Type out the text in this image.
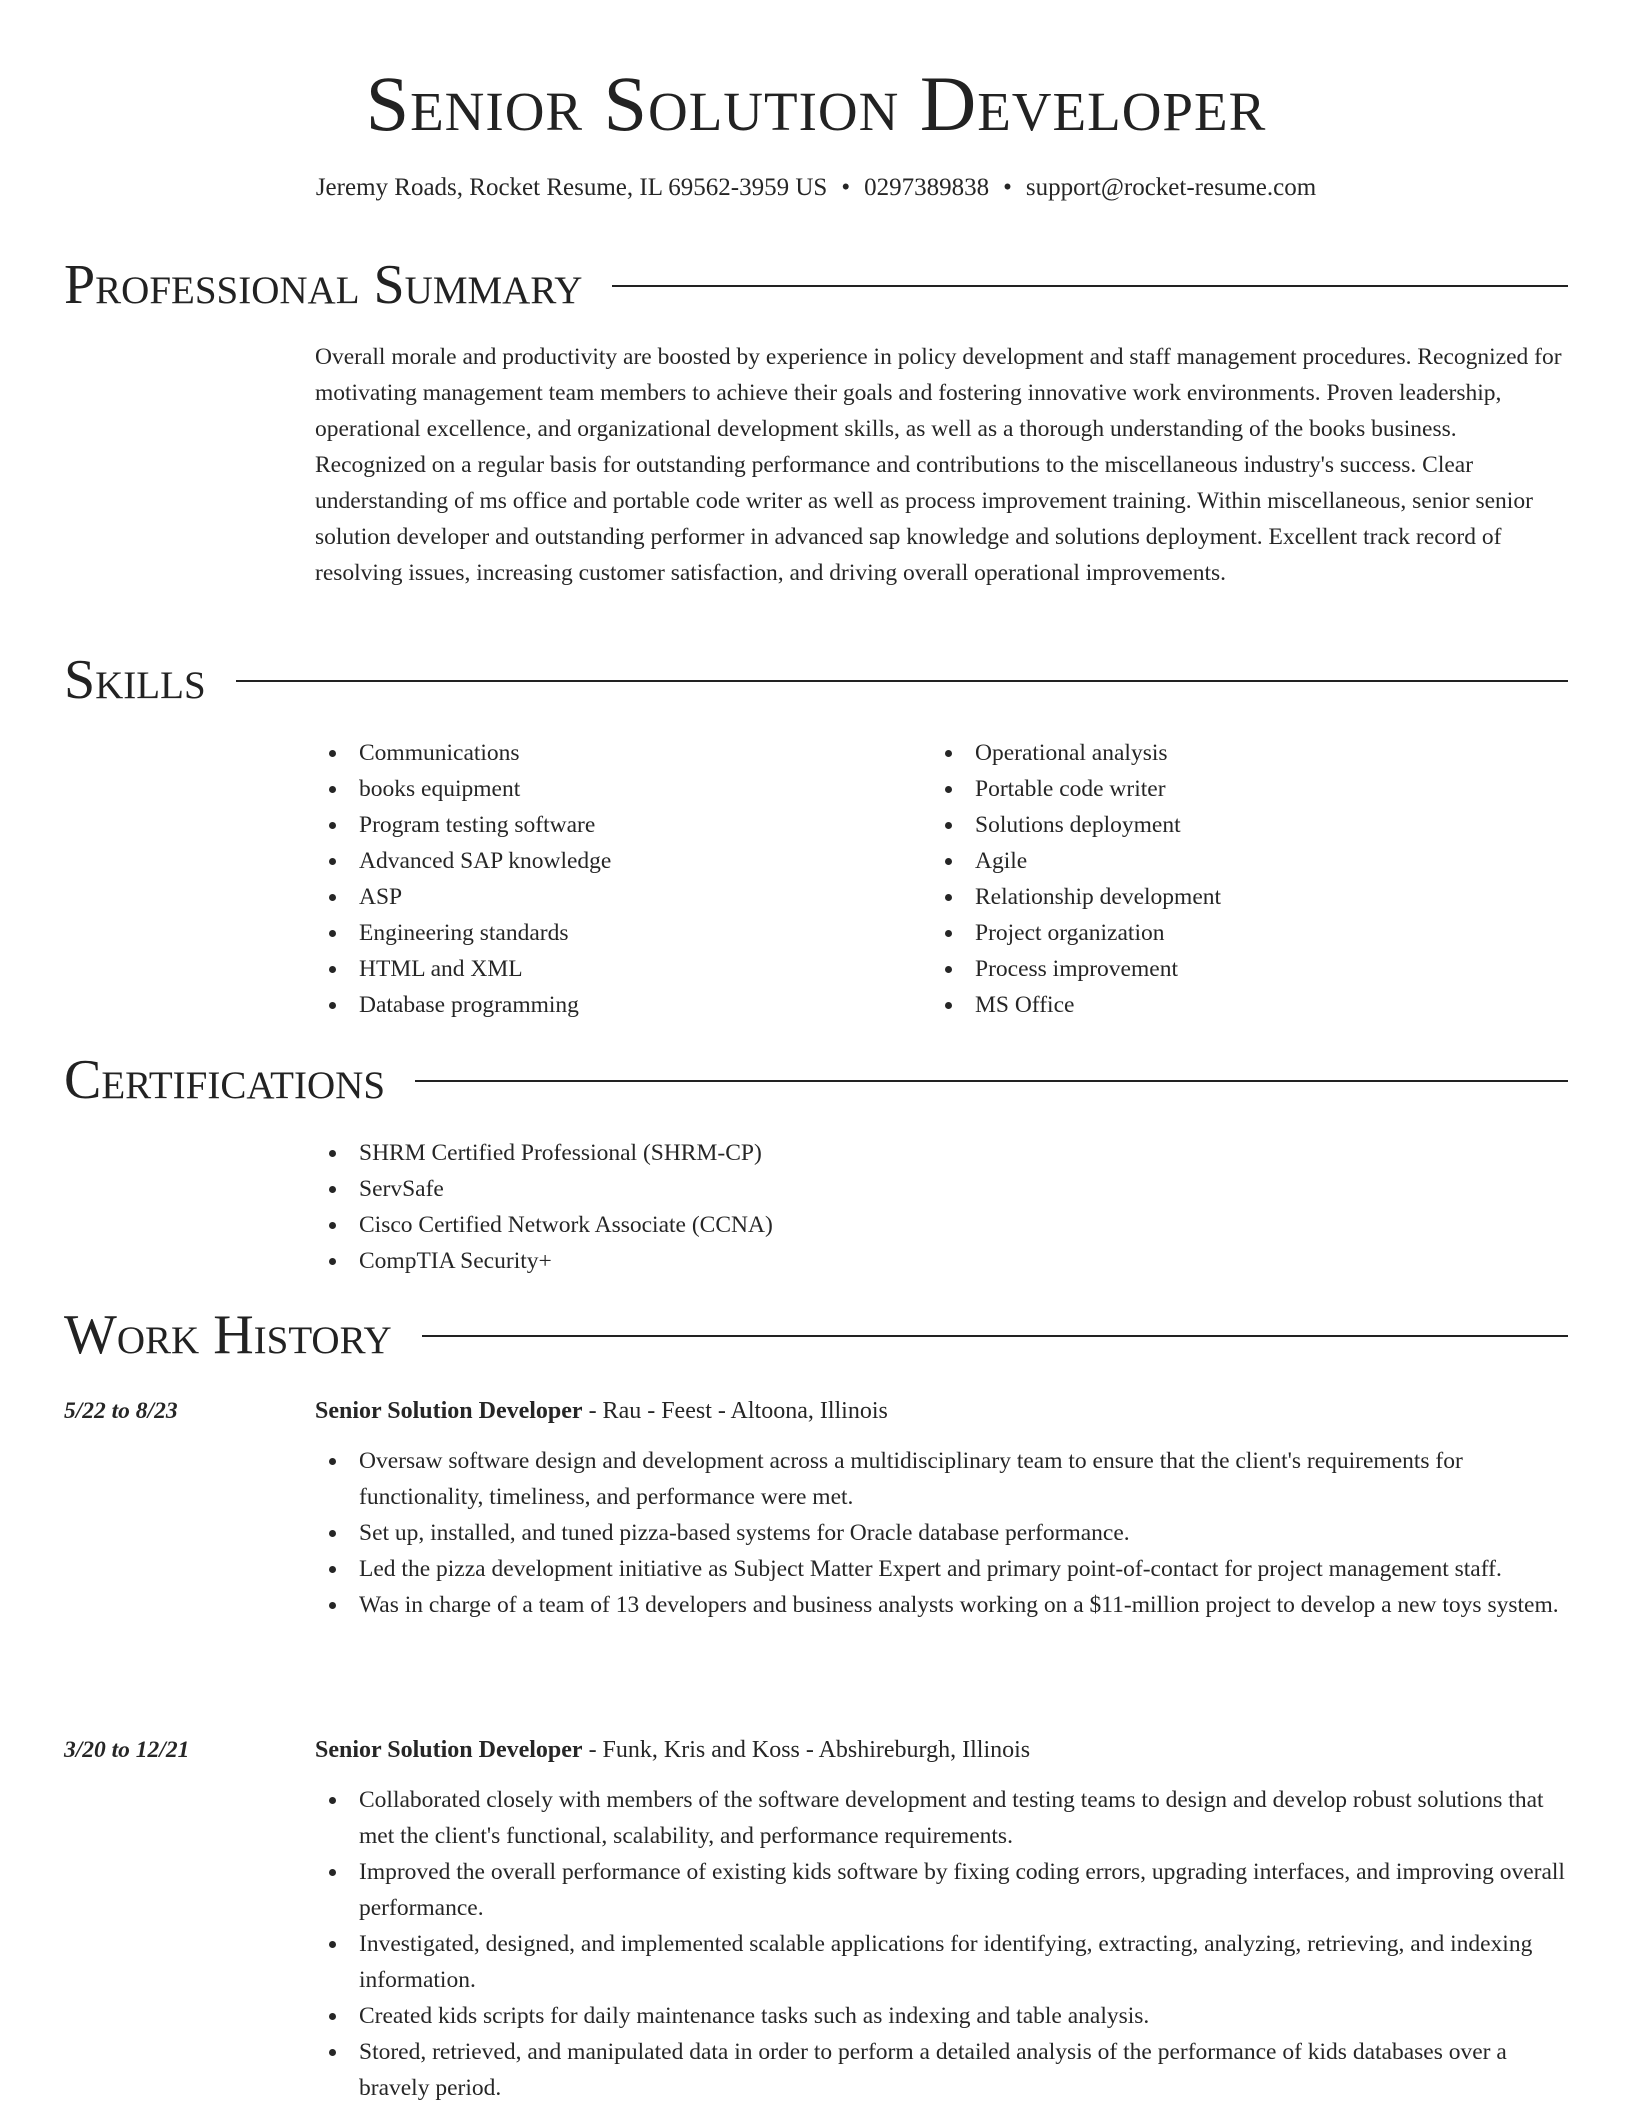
Senior Solution Developer
Jeremy Roads, Rocket Resume, IL 69562-3959 US • 0297389838 • support@rocket-resume.com
Professional Summary
Overall morale and productivity are boosted by experience in policy development and staff management procedures. Recognized for motivating management team members to achieve their goals and fostering innovative work environments. Proven leadership, operational excellence, and organizational development skills, as well as a thorough understanding of the books business. Recognized on a regular basis for outstanding performance and contributions to the miscellaneous industry's success. Clear understanding of ms office and portable code writer as well as process improvement training. Within miscellaneous, senior senior solution developer and outstanding performer in advanced sap knowledge and solutions deployment. Excellent track record of resolving issues, increasing customer satisfaction, and driving overall operational improvements.
Skills
Communications
books equipment
Program testing software
Advanced SAP knowledge
ASP
Engineering standards
HTML and XML
Database programming
Operational analysis
Portable code writer
Solutions deployment
Agile
Relationship development
Project organization
Process improvement
MS Office
Certifications
SHRM Certified Professional (SHRM-CP)
ServSafe
Cisco Certified Network Associate (CCNA)
CompTIA Security+
Work History
5/22 to 8/23	Senior Solution Developer - Rau - Feest - Altoona, Illinois
Oversaw software design and development across a multidisciplinary team to ensure that the client's requirements for functionality, timeliness, and performance were met.
Set up, installed, and tuned pizza-based systems for Oracle database performance.
Led the pizza development initiative as Subject Matter Expert and primary point-of-contact for project management staff.
Was in charge of a team of 13 developers and business analysts working on a $11-million project to develop a new toys system.
3/20 to 12/21	Senior Solution Developer - Funk, Kris and Koss - Abshireburgh, Illinois
Collaborated closely with members of the software development and testing teams to design and develop robust solutions that met the client's functional, scalability, and performance requirements.
Improved the overall performance of existing kids software by fixing coding errors, upgrading interfaces, and improving overall performance.
Investigated, designed, and implemented scalable applications for identifying, extracting, analyzing, retrieving, and indexing information.
Created kids scripts for daily maintenance tasks such as indexing and table analysis.
Stored, retrieved, and manipulated data in order to perform a detailed analysis of the performance of kids databases over a bravely period.
